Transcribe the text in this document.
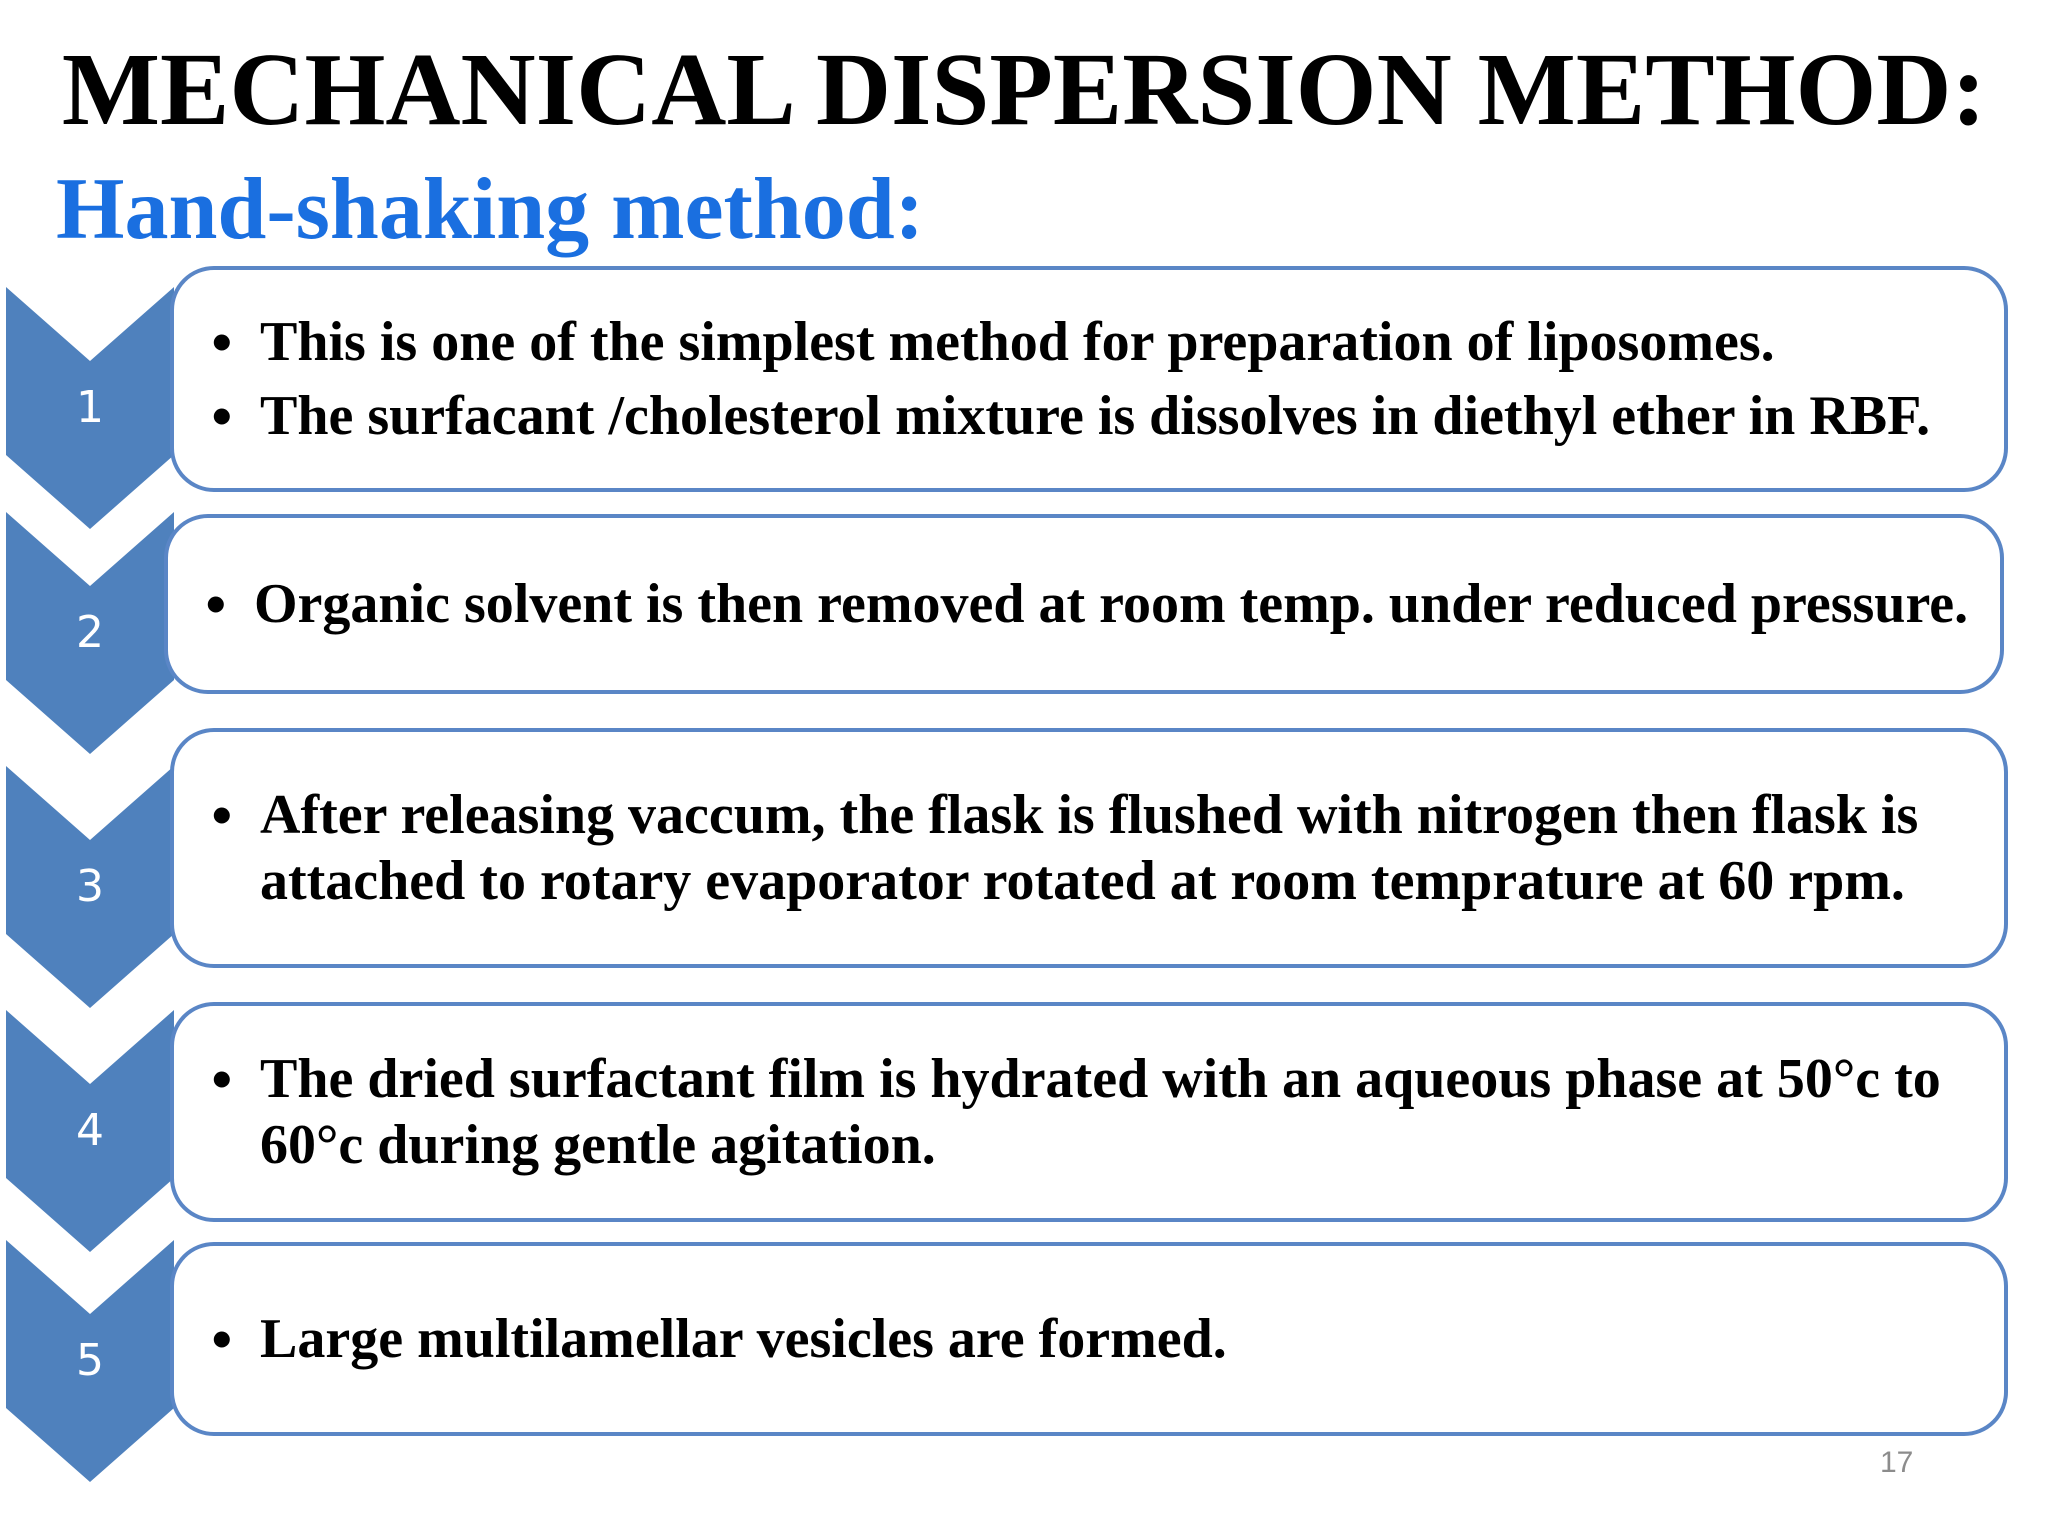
MECHANICAL DISPERSION METHOD:
Hand-shaking method:
1
• This is one of the simplest method for preparation of liposomes.
• The surfacant /cholesterol mixture is dissolves in diethyl ether in RBF.
2	• Organic solvent is then removed at room temp. under reduced pressure.
3
• After releasing vaccum, the flask is flushed with nitrogen then flask is attached to rotary evaporator rotated at room temprature at 60 rpm.
4
• The dried surfactant film is hydrated with an aqueous phase at 50°c to 60°c during gentle agitation.
5	• Large multilamellar vesicles are formed.
17
